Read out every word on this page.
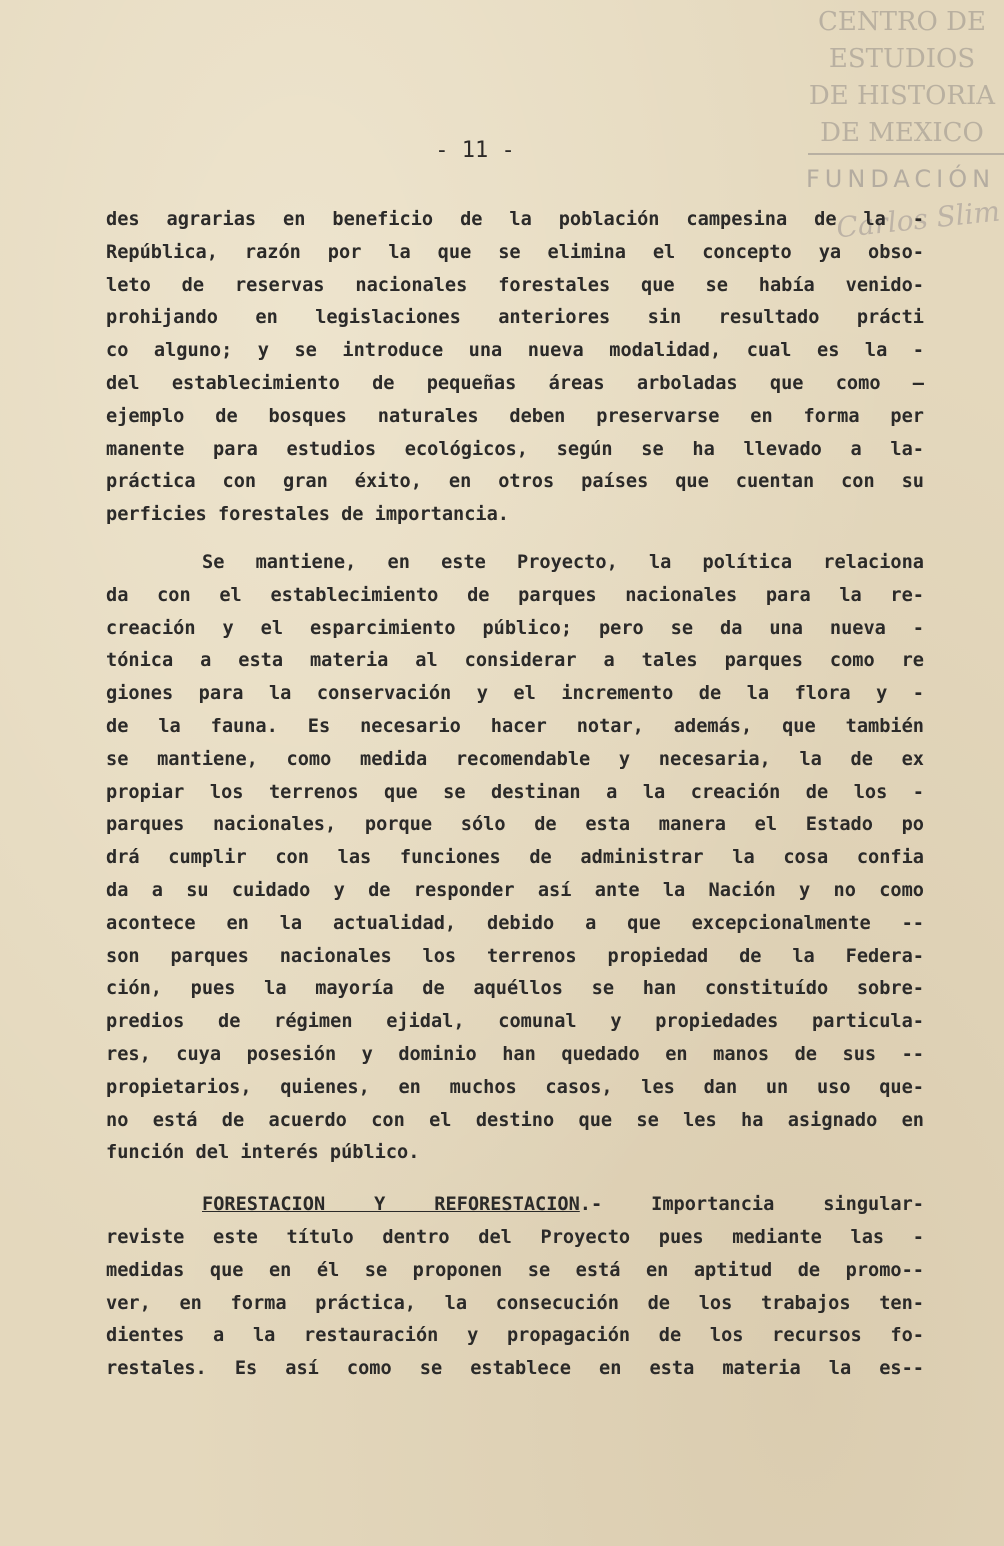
CENTRO DE
ESTUDIOS
DE HISTORIA
DE MEXICO
FUNDACIÓN
Carlos Slim
- 11 -
des agrarias en beneficio de la población campesina de la -
República, razón por la que se elimina el concepto ya obso-
leto de reservas nacionales forestales que se había venido-
prohijando en legislaciones anteriores sin resultado prácti
co alguno; y se introduce una nueva modalidad, cual es la -
del establecimiento de pequeñas áreas arboladas que como —
ejemplo de bosques naturales deben preservarse en forma per
manente para estudios ecológicos, según se ha llevado a la-
práctica con gran éxito, en otros países que cuentan con su
perficies forestales de importancia.
Se mantiene, en este Proyecto, la política relaciona
da con el establecimiento de parques nacionales para la re-
creación y el esparcimiento público; pero se da una nueva -
tónica a esta materia al considerar a tales parques como re
giones para la conservación y el incremento de la flora y -
de la fauna. Es necesario hacer notar, además, que también
se mantiene, como medida recomendable y necesaria, la de ex
propiar los terrenos que se destinan a la creación de los -
parques nacionales, porque sólo de esta manera el Estado po
drá cumplir con las funciones de administrar la cosa confia
da a su cuidado y de responder así ante la Nación y no como
acontece en la actualidad, debido a que excepcionalmente --
son parques nacionales los terrenos propiedad de la Federa-
ción, pues la mayoría de aquéllos se han constituído sobre-
predios de régimen ejidal, comunal y propiedades particula-
res, cuya posesión y dominio han quedado en manos de sus --
propietarios, quienes, en muchos casos, les dan un uso que-
no está de acuerdo con el destino que se les ha asignado en
función del interés público.
FORESTACION Y REFORESTACION.- Importancia singular-
reviste este título dentro del Proyecto pues mediante las -
medidas que en él se proponen se está en aptitud de promo--
ver, en forma práctica, la consecución de los trabajos ten-
dientes a la restauración y propagación de los recursos fo-
restales. Es así como se establece en esta materia la es--
